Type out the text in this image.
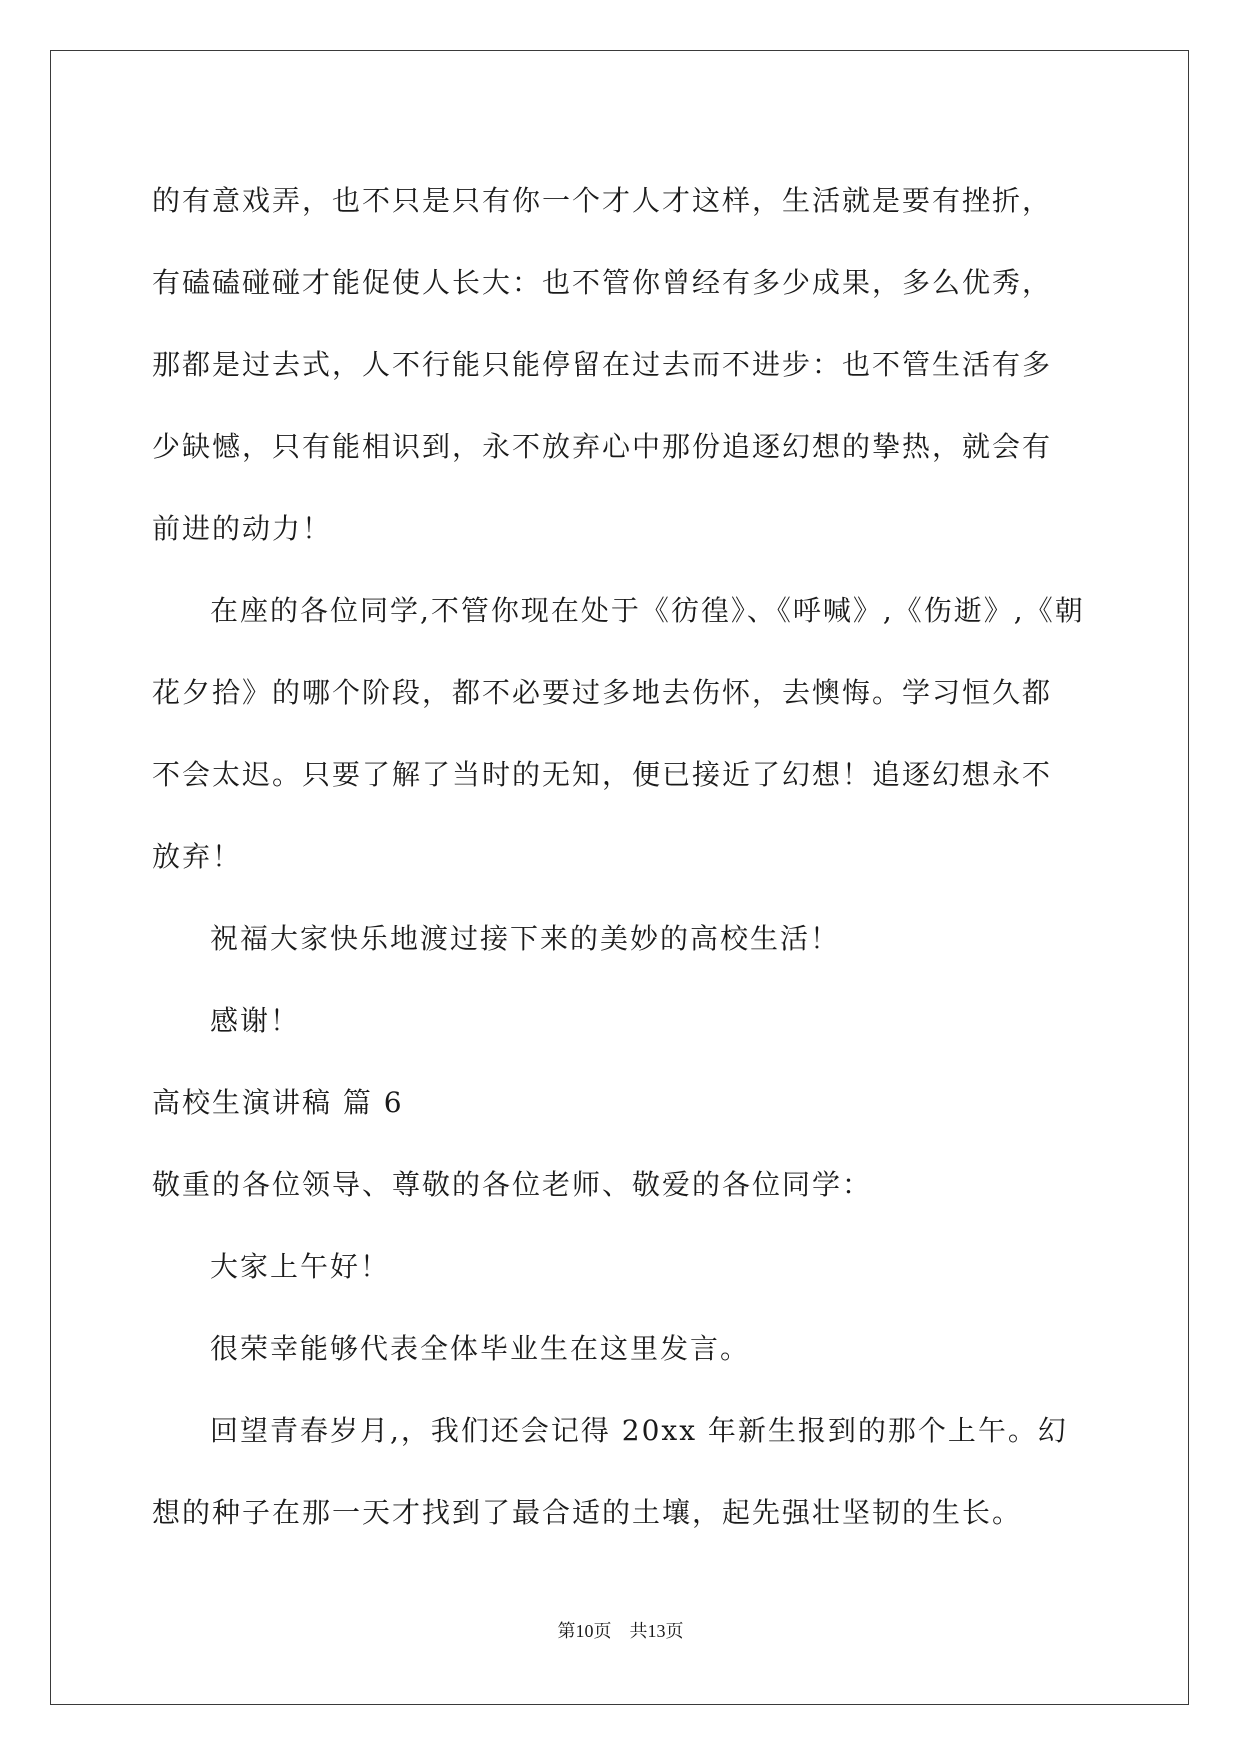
的有意戏弄，也不只是只有你一个才人才这样，生活就是要有挫折，
有磕磕碰碰才能促使人长大：也不管你曾经有多少成果，多么优秀，
那都是过去式，人不行能只能停留在过去而不进步：也不管生活有多
少缺憾，只有能相识到，永不放弃心中那份追逐幻想的挚热，就会有
前进的动力！
在座的各位同学,不管你现在处于《彷徨》、《呼喊》,《伤逝》,《朝
花夕拾》的哪个阶段，都不必要过多地去伤怀，去懊悔。学习恒久都
不会太迟。只要了解了当时的无知，便已接近了幻想！追逐幻想永不
放弃！
祝福大家快乐地渡过接下来的美妙的高校生活！
感谢！
高校生演讲稿 篇 6
敬重的各位领导、尊敬的各位老师、敬爱的各位同学：
大家上午好！
很荣幸能够代表全体毕业生在这里发言。
回望青春岁月,，我们还会记得 20xx 年新生报到的那个上午。幻
想的种子在那一天才找到了最合适的土壤，起先强壮坚韧的生长。
第10页 共13页
